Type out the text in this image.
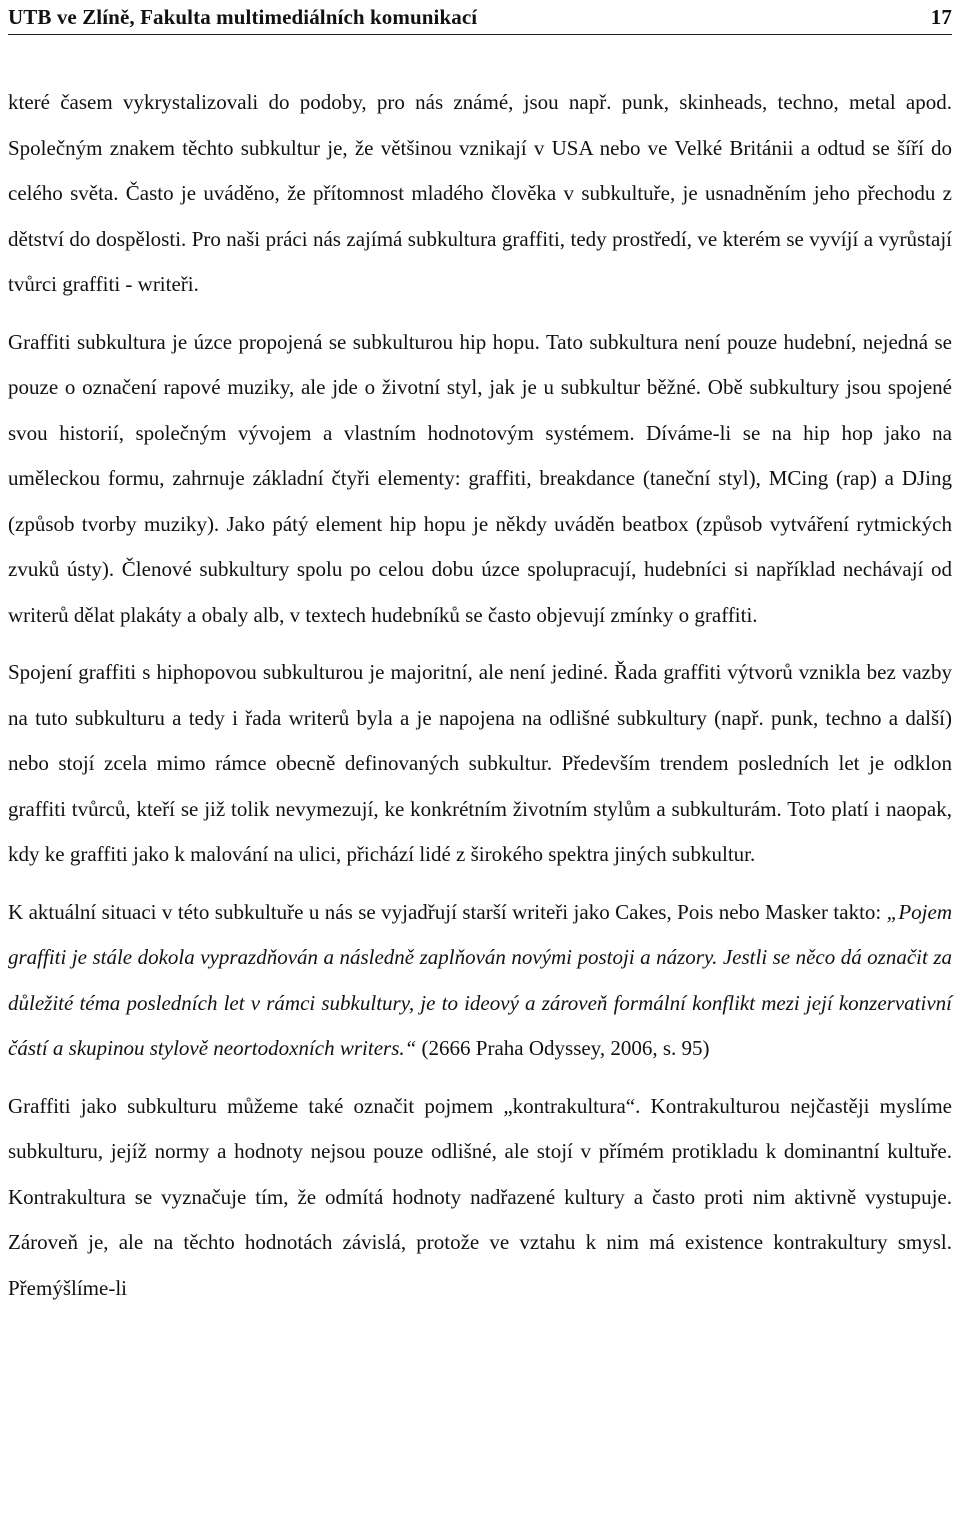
UTB ve Zlíně, Fakulta multimediálních komunikací	17

které časem vykrystalizovali do podoby, pro nás známé, jsou např. punk, skinheads, techno, metal apod. Společným znakem těchto subkultur je, že většinou vznikají v USA nebo ve Velké Británii a odtud se šíří do celého světa. Často je uváděno, že přítomnost mladého člověka v subkultuře, je usnadněním jeho přechodu z dětství do dospělosti. Pro naši práci nás zajímá subkultura graffiti, tedy prostředí, ve kterém se vyvíjí a vyrůstají tvůrci graffiti - writeři.

Graffiti subkultura je úzce propojená se subkulturou hip hopu. Tato subkultura není pouze hudební, nejedná se pouze o označení rapové muziky, ale jde o životní styl, jak je u subkultur běžné. Obě subkultury jsou spojené svou historií, společným vývojem a vlastním hodnotovým systémem. Díváme-li se na hip hop jako na uměleckou formu, zahrnuje základní čtyři elementy: graffiti, breakdance (taneční styl), MCing (rap) a DJing (způsob tvorby muziky). Jako pátý element hip hopu je někdy uváděn beatbox (způsob vytváření rytmických zvuků ústy). Členové subkultury spolu po celou dobu úzce spolupracují, hudebníci si například nechávají od writerů dělat plakáty a obaly alb, v textech hudebníků se často objevují zmínky o graffiti.

Spojení graffiti s hiphopovou subkulturou je majoritní, ale není jediné. Řada graffiti výtvorů vznikla bez vazby na tuto subkulturu a tedy i řada writerů byla a je napojena na odlišné subkultury (např. punk, techno a další) nebo stojí zcela mimo rámce obecně definovaných subkultur. Především trendem posledních let je odklon graffiti tvůrců, kteří se již tolik nevymezují, ke konkrétním životním stylům a subkulturám. Toto platí i naopak, kdy ke graffiti jako k malování na ulici, přichází lidé z širokého spektra jiných subkultur.

K aktuální situaci v této subkultuře u nás se vyjadřují starší writeři jako Cakes, Pois nebo Masker takto: „Pojem graffiti je stále dokola vyprazdňován a následně zaplňován novými postoji a názory. Jestli se něco dá označit za důležité téma posledních let v rámci subkultury, je to ideový a zároveň formální konflikt mezi její konzervativní částí a skupinou stylově neortodoxních writers.“ (2666 Praha Odyssey, 2006, s. 95)

Graffiti jako subkulturu můžeme také označit pojmem „kontrakultura“. Kontrakulturou nejčastěji myslíme subkulturu, jejíž normy a hodnoty nejsou pouze odlišné, ale stojí v přímém protikladu k dominantní kultuře. Kontrakultura se vyznačuje tím, že odmítá hodnoty nadřazené kultury a často proti nim aktivně vystupuje. Zároveň je, ale na těchto hodnotách závislá, protože ve vztahu k nim má existence kontrakultury smysl. Přemýšlíme-li
